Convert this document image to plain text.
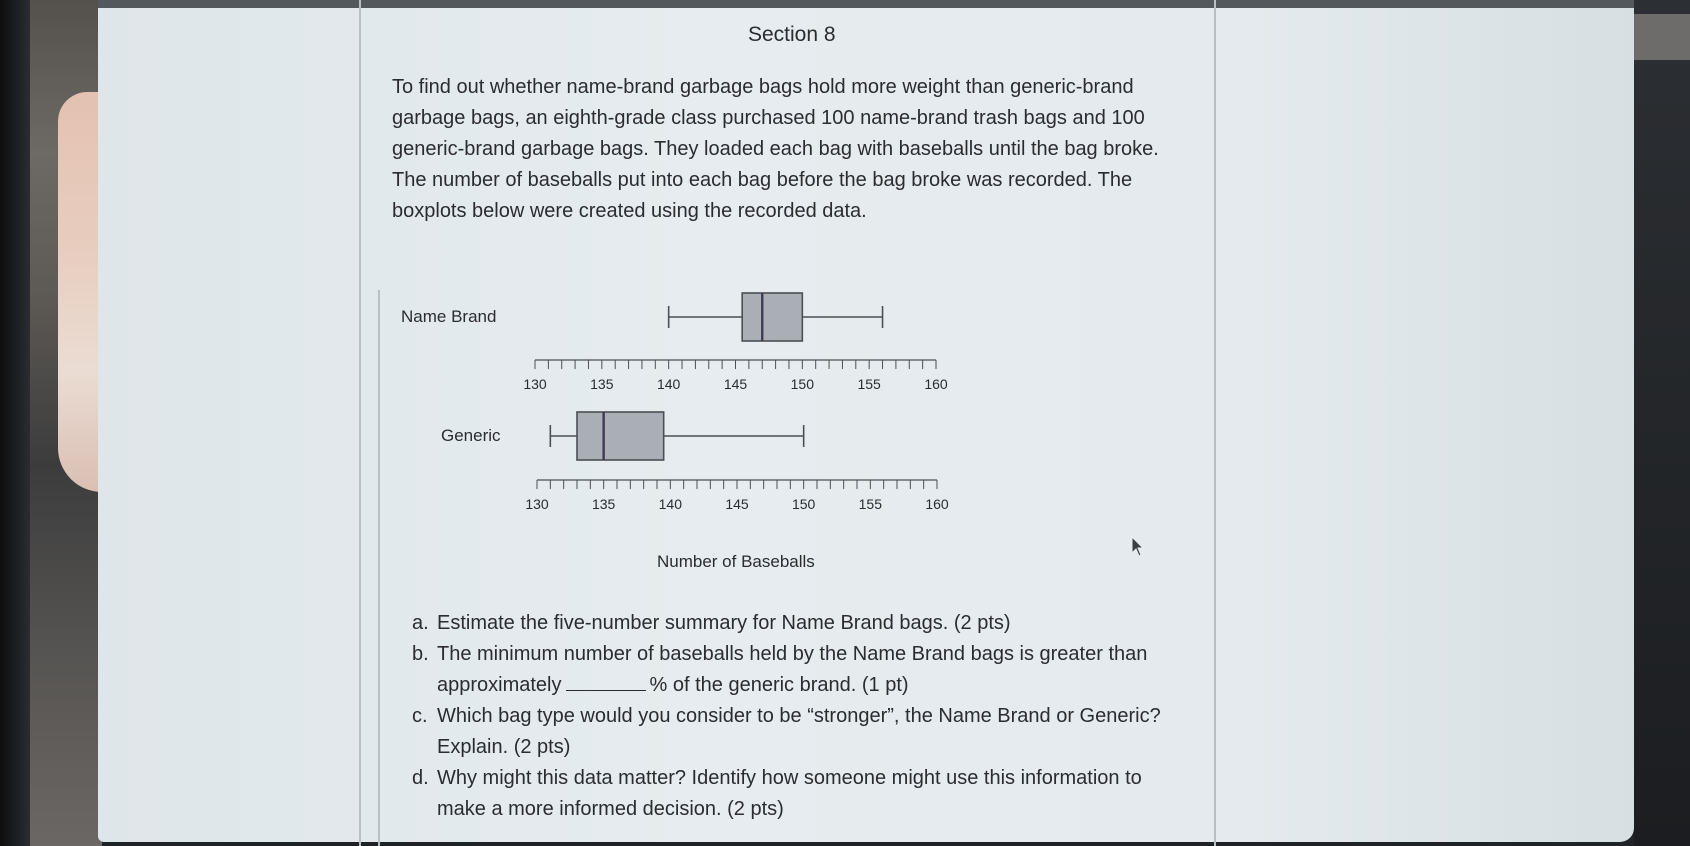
Section 8
To find out whether name-brand garbage bags hold more weight than generic-brand
garbage bags, an eighth-grade class purchased 100 name-brand trash bags and 100
generic-brand garbage bags. They loaded each bag with baseballs until the bag broke.
The number of baseballs put into each bag before the bag broke was recorded. The
boxplots below were created using the recorded data.
Name Brand
Generic
Number of Baseballs
130	135	140	145	150	155	160
130	135	140	145	150	155	160
a. Estimate the five-number summary for Name Brand bags. (2 pts)
b. The minimum number of baseballs held by the Name Brand bags is greater than
approximately	% of the generic brand. (1 pt)
c. Which bag type would you consider to be “stronger”, the Name Brand or Generic?
Explain. (2 pts)
d. Why might this data matter? Identify how someone might use this information to
make a more informed decision. (2 pts)
